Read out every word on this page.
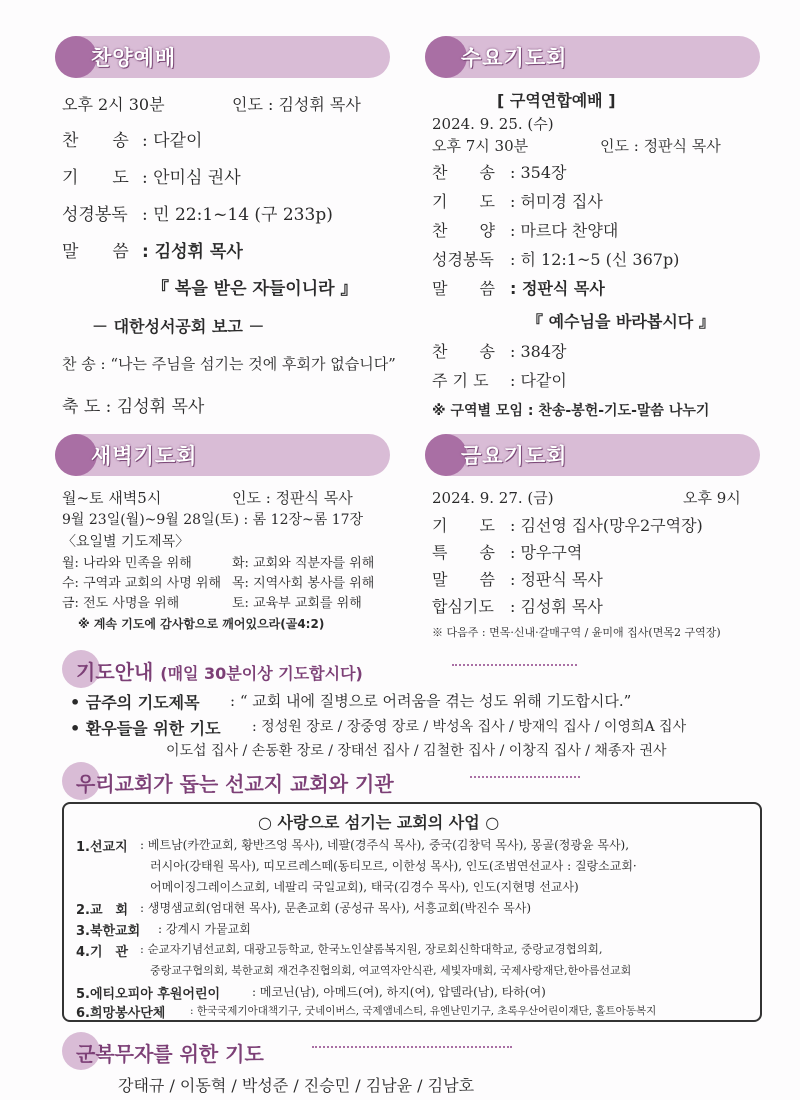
찬양예배
오후 2시 30분	인도 : 김성휘 목사
찬　　송 : 다같이
기　　도 : 안미심 권사
성경봉독 : 민 22:1~14 (구 233p)
말　　씀 : 김성휘 목사
『 복을 받은 자들이니라 』
－ 대한성서공회 보고 －
찬 송 : “나는 주님을 섬기는 것에 후회가 없습니다”
축 도 : 김성휘 목사
수요기도회
[ 구역연합예배 ]
2024. 9. 25. (수)
오후 7시 30분	인도 : 정판식 목사
찬　　송 : 354장
기　　도 : 허미경 집사
찬　　양 : 마르다 찬양대
성경봉독 : 히 12:1~5 (신 367p)
말　　씀 : 정판식 목사
『 예수님을 바라봅시다 』
찬　　송 : 384장
주 기 도 : 다같이
※ 구역별 모임 : 찬송-봉헌-기도-말씀 나누기
새벽기도회
월~토 새벽5시	인도 : 정판식 목사
9월 23일(월)~9월 28일(토) : 롬 12장~롬 17장
〈요일별 기도제목〉
월: 나라와 민족을 위해	화: 교회와 직분자를 위해
수: 구역과 교회의 사명 위해 목: 지역사회 봉사를 위해
금: 전도 사명을 위해	토: 교육부 교회를 위해
※ 계속 기도에 감사함으로 깨어있으라(골4:2)
금요기도회
2024. 9. 27. (금)	오후 9시
기　　도 : 김선영 집사(망우2구역장)
특　　송 : 망우구역
말　　씀 : 정판식 목사
합심기도 : 김성휘 목사
※ 다음주 : 면목·신내·갈매구역 / 윤미애 집사(면목2 구역장)
기도안내 (매일 30분이상 기도합시다)
• 금주의 기도제목 : “ 교회 내에 질병으로 어려움을 겪는 성도 위해 기도합시다.”
• 환우들을 위한 기도 : 정성원 장로 / 장중영 장로 / 박성옥 집사 / 방재익 집사 / 이영희A 집사
이도섭 집사 / 손동환 장로 / 장태선 집사 / 김철한 집사 / 이창직 집사 / 채종자 권사
우리교회가 돕는 선교지 교회와 기관
○ 사랑으로 섬기는 교회의 사업 ○
1.선교지 : 베트남(카깐교회, 황반즈엉 목사), 네팔(경주식 목사), 중국(김창덕 목사), 몽골(정광윤 목사),
러시아(강태원 목사), 띠모르레스떼(동티모르, 이한성 목사), 인도(조범연선교사 : 질랑소교회·
어메이징그레이스교회, 네팔리 국일교회), 태국(김경수 목사), 인도(지현명 선교사)
2.교　회 : 생명샘교회(엄대현 목사), 문촌교회 (공성규 목사), 서흥교회(박진수 목사)
3.북한교회 : 강계시 가뭍교회
4.기　관 : 순교자기념선교회, 대광고등학교, 한국노인샬롬복지원, 장로회신학대학교, 중랑교경협의회,
중랑교구협의회, 북한교회 재건추진협의회, 여교역자안식관, 세빛자매회, 국제사랑재단,한아름선교회
5.에티오피아 후원어린이	: 메코닌(남), 아메드(여), 하지(여), 압델라(남), 타하(여)
6.희망봉사단체 : 한국국제기아대책기구, 굿네이버스, 국제앰네스티, 유엔난민기구, 초록우산어린이재단, 홀트아동복지
군복무자를 위한 기도
강태규 / 이동혁 / 박성준 / 진승민 / 김남윤 / 김남호
